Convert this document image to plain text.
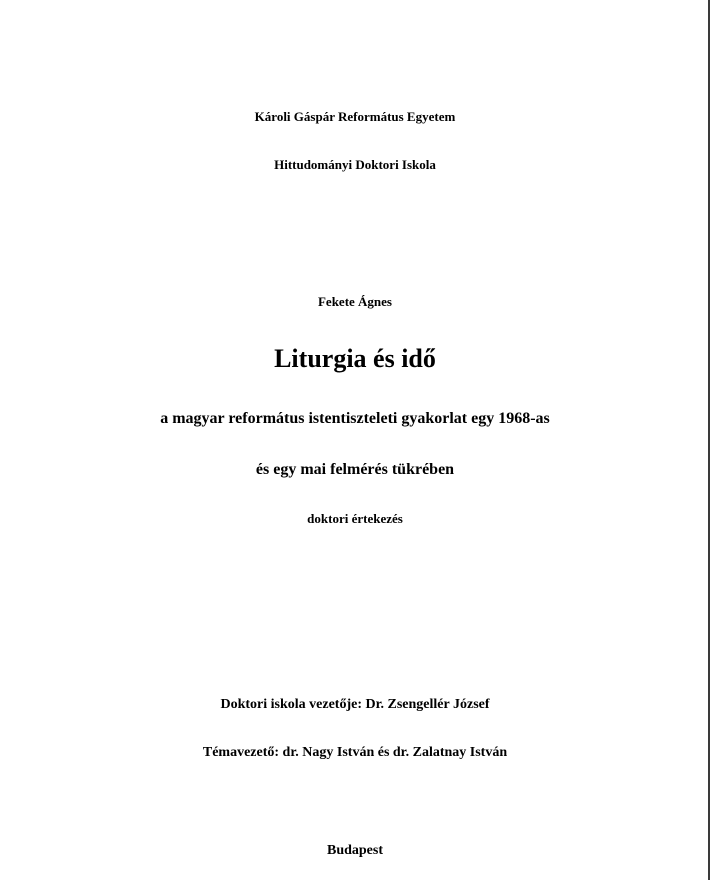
Károli Gáspár Református Egyetem
Hittudományi Doktori Iskola
Fekete Ágnes
Liturgia és idő
a magyar református istentiszteleti gyakorlat egy 1968-as
és egy mai felmérés tükrében
doktori értekezés
Doktori iskola vezetője: Dr. Zsengellér József
Témavezető: dr. Nagy István és dr. Zalatnay István
Budapest
